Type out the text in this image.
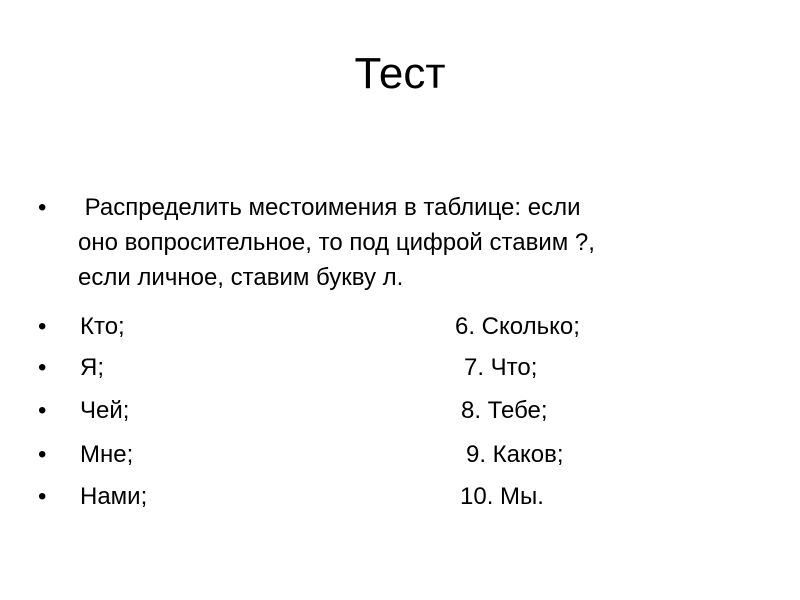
Тест
•	Распределить местоимения в таблице: если
оно вопросительное, то под цифрой ставим ?,
если личное, ставим букву л.
•	Кто;	6. Сколько;
•	Я;	7. Что;
•	Чей;	8. Тебе;
•	Мне;	9. Каков;
•	Нами;	10. Мы.
